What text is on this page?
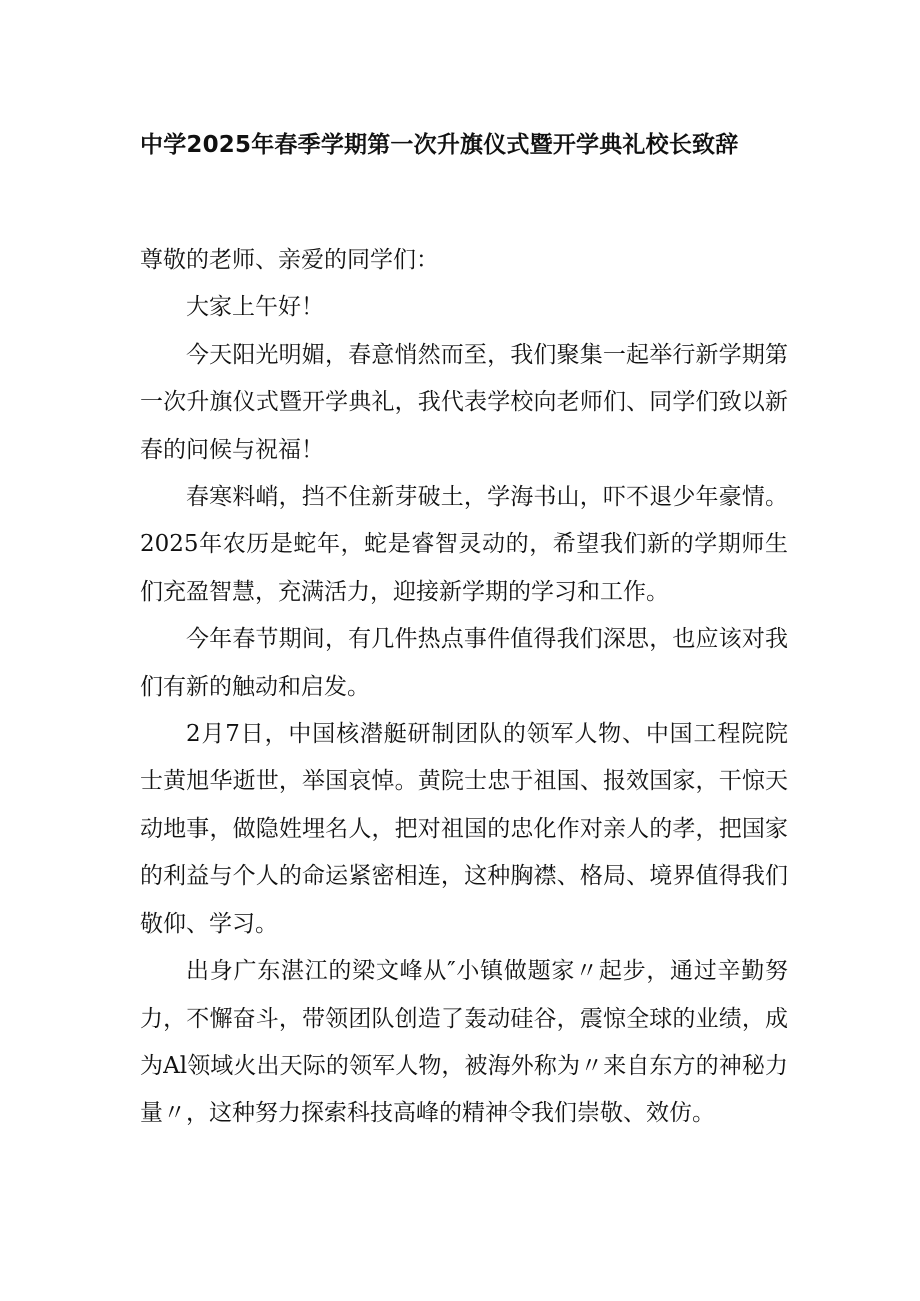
中学2025年春季学期第一次升旗仪式暨开学典礼校长致辞

尊敬的老师、亲爱的同学们：

大家上午好！

今天阳光明媚，春意悄然而至，我们聚集一起举行新学期第一次升旗仪式暨开学典礼，我代表学校向老师们、同学们致以新春的问候与祝福！

春寒料峭，挡不住新芽破土，学海书山，吓不退少年豪情。2025年农历是蛇年，蛇是睿智灵动的，希望我们新的学期师生们充盈智慧，充满活力，迎接新学期的学习和工作。

今年春节期间，有几件热点事件值得我们深思，也应该对我们有新的触动和启发。

2月7日，中国核潜艇研制团队的领军人物、中国工程院院士黄旭华逝世，举国哀悼。黄院士忠于祖国、报效国家，干惊天动地事，做隐姓埋名人，把对祖国的忠化作对亲人的孝，把国家的利益与个人的命运紧密相连，这种胸襟、格局、境界值得我们敬仰、学习。

出身广东湛江的梁文峰从″小镇做题家〃起步，通过辛勤努力，不懈奋斗，带领团队创造了轰动硅谷，震惊全球的业绩，成为Al领域火出天际的领军人物，被海外称为〃来自东方的神秘力量〃，这种努力探索科技高峰的精神令我们崇敬、效仿。
